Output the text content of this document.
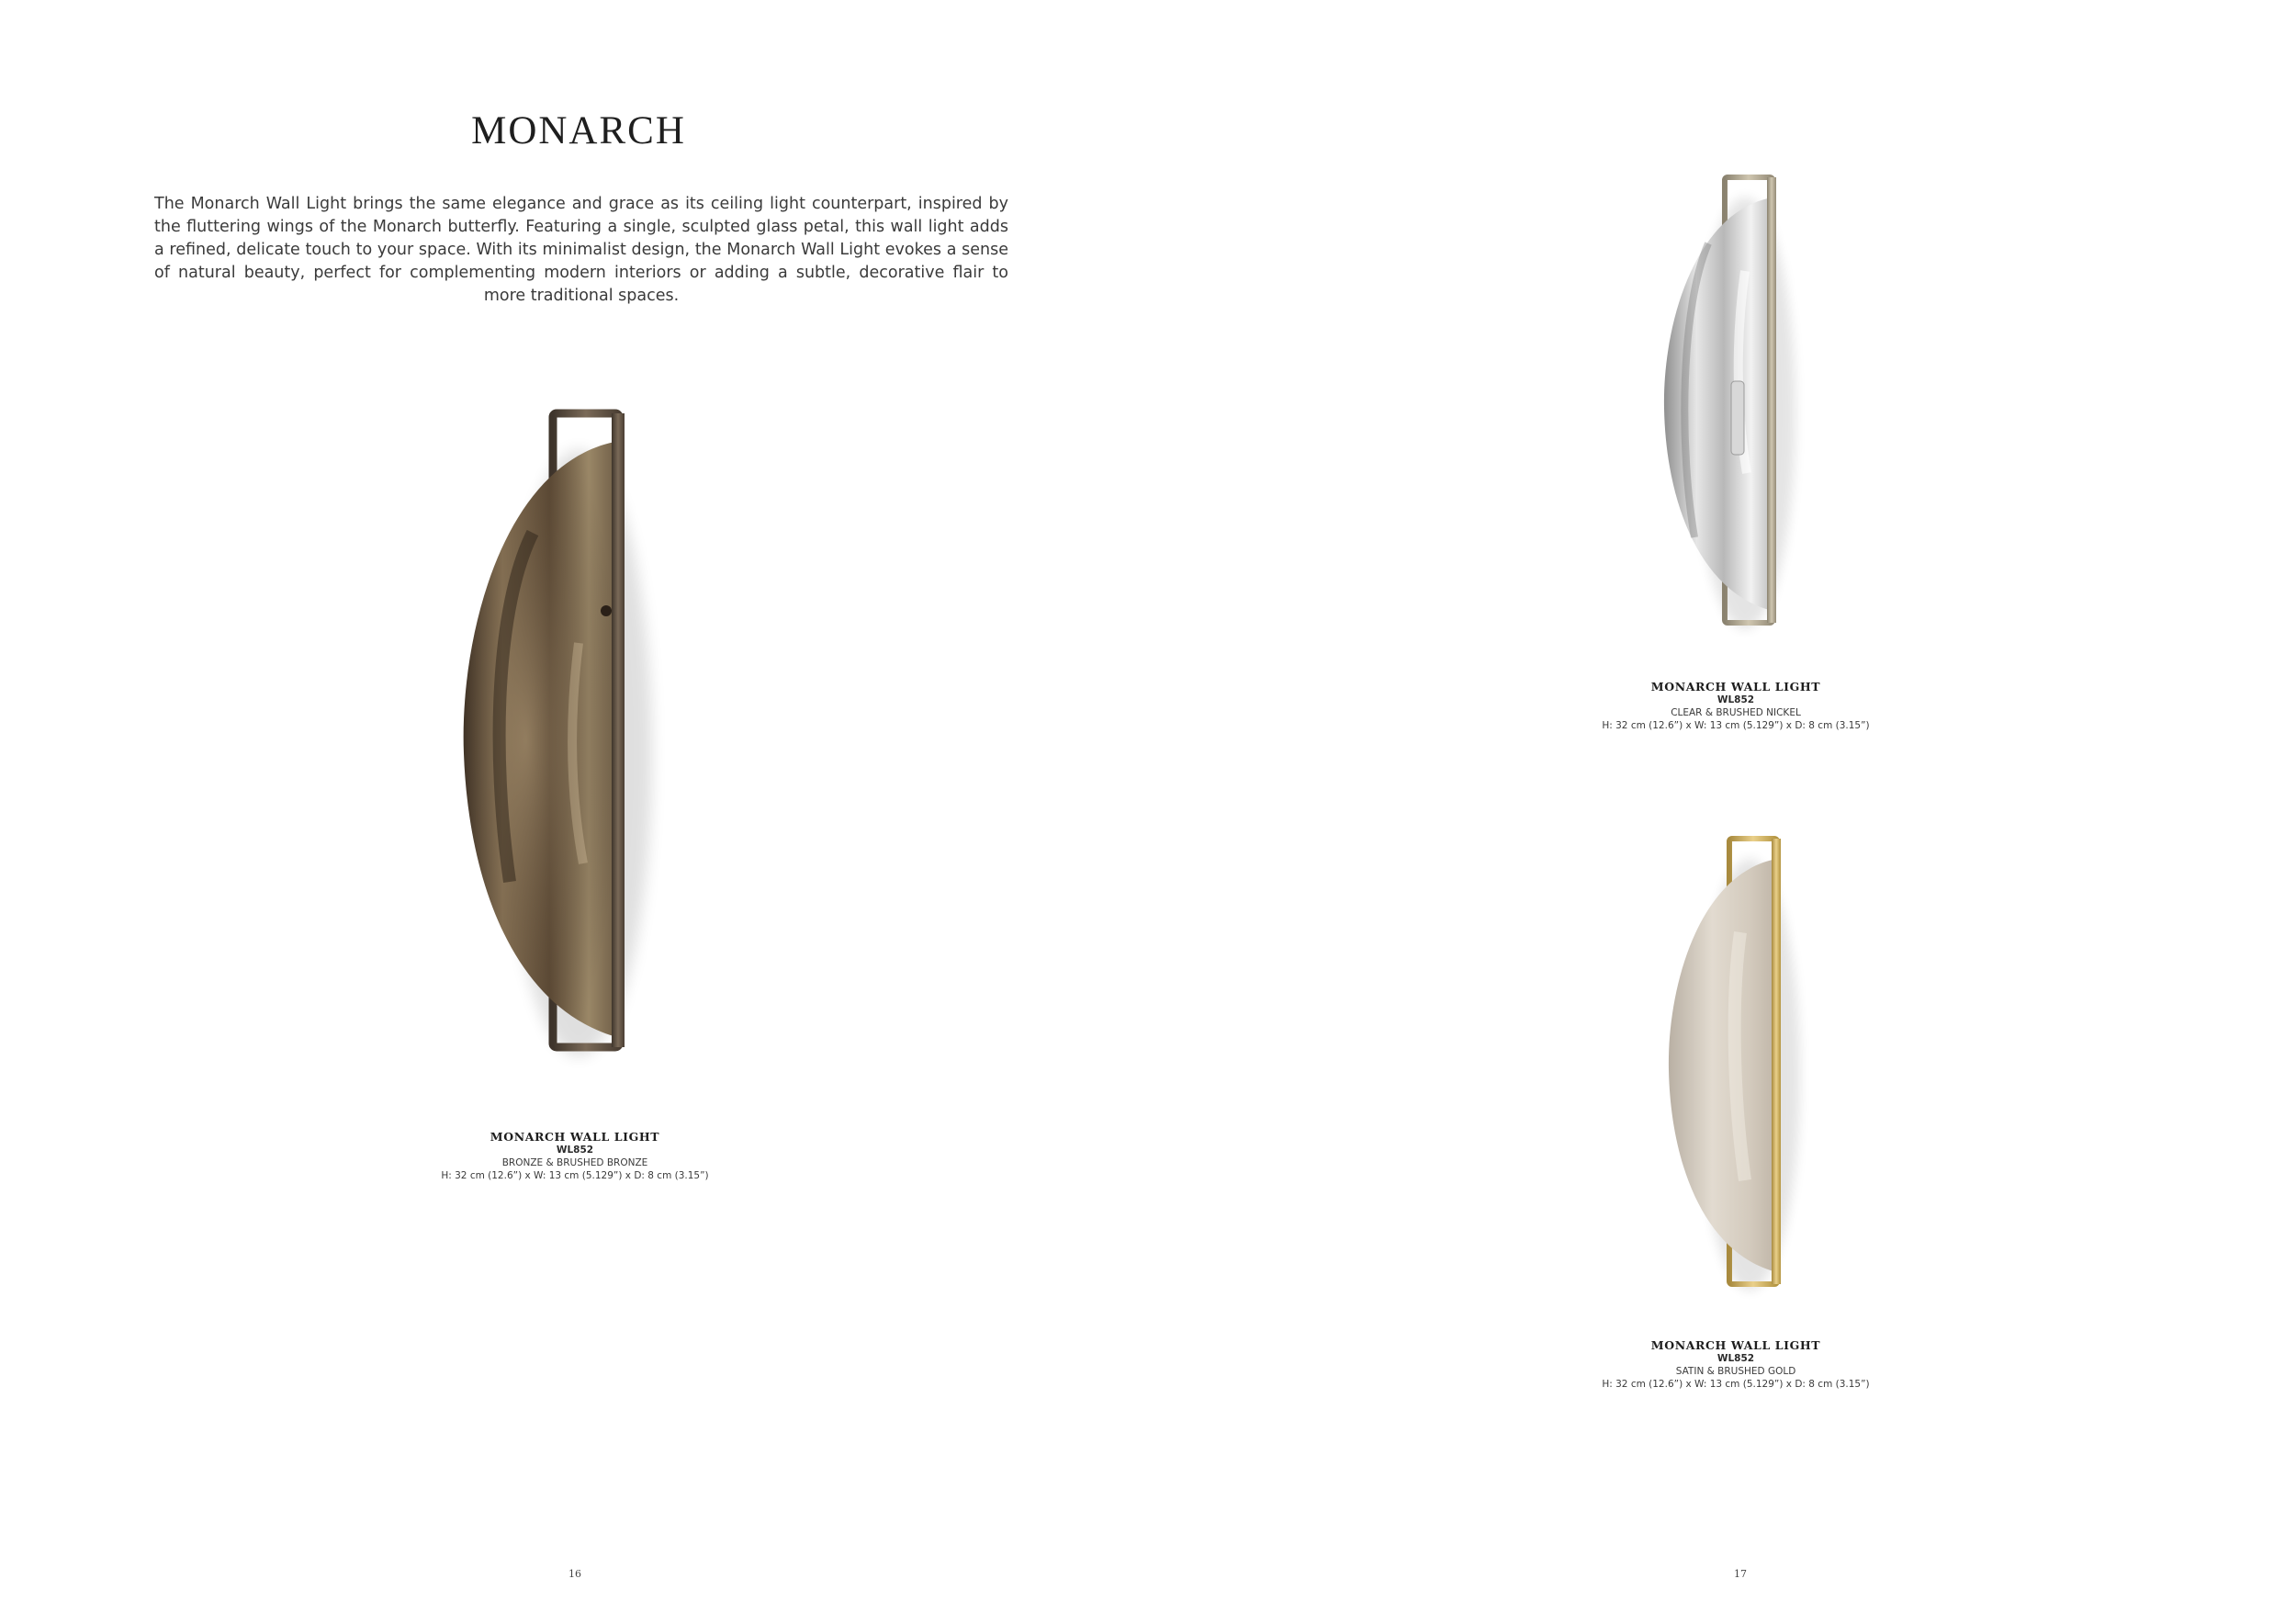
MONARCH
The Monarch Wall Light brings the same elegance and grace as its ceiling light counterpart, inspired by the fluttering wings of the Monarch butterfly. Featuring a single, sculpted glass petal, this wall light adds a refined, delicate touch to your space. With its minimalist design, the Monarch Wall Light evokes a sense of natural beauty, perfect for complementing modern interiors or adding a subtle, decorative flair to more traditional spaces.
MONARCH WALL LIGHT
WL852
BRONZE & BRUSHED BRONZE
H: 32 cm (12.6”) x W: 13 cm (5.129”) x D: 8 cm (3.15”)
16
MONARCH WALL LIGHT
WL852
CLEAR & BRUSHED NICKEL
H: 32 cm (12.6”) x W: 13 cm (5.129”) x D: 8 cm (3.15”)
MONARCH WALL LIGHT
WL852
SATIN & BRUSHED GOLD
H: 32 cm (12.6”) x W: 13 cm (5.129”) x D: 8 cm (3.15”)
17
